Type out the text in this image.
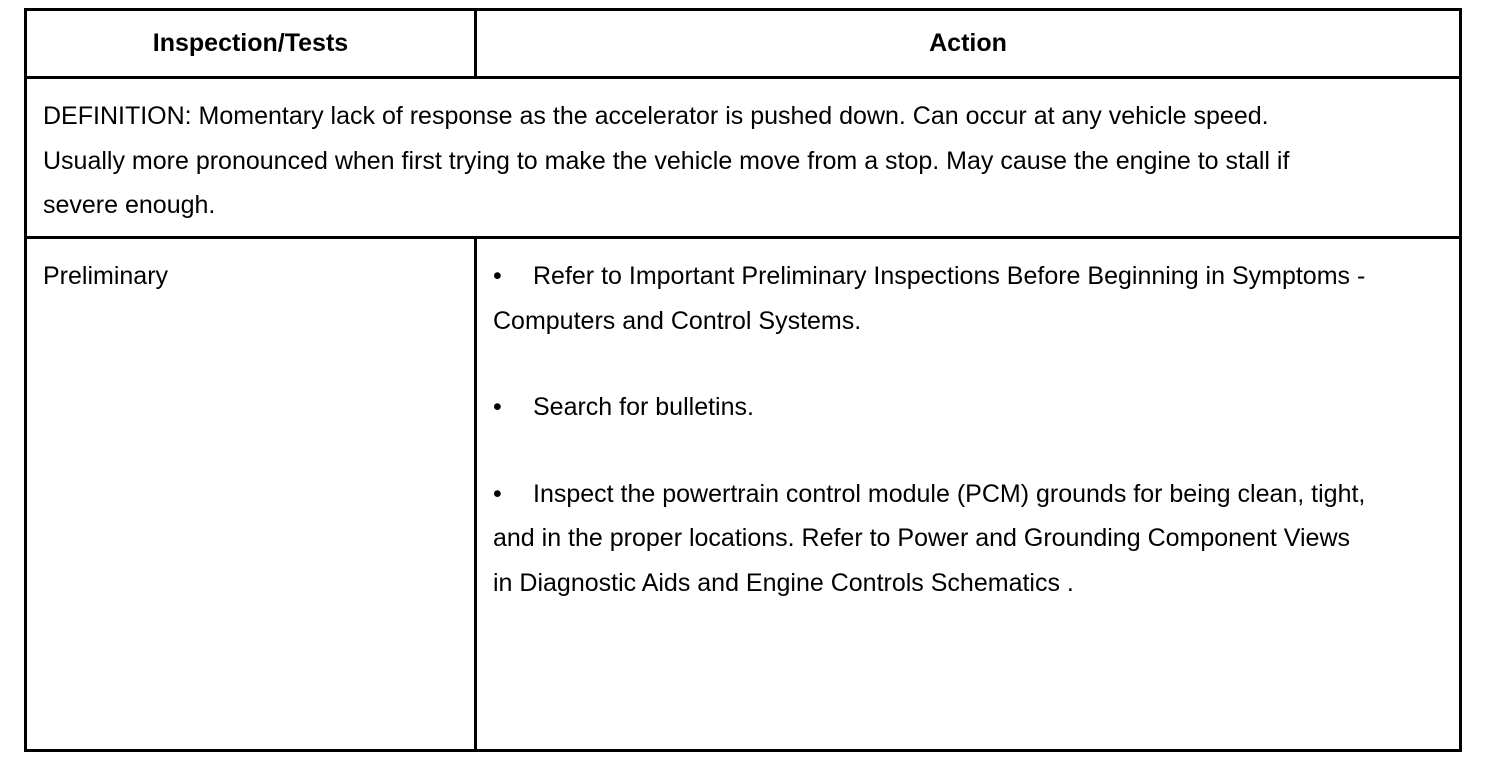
Inspection/Tests	Action

DEFINITION: Momentary lack of response as the accelerator is pushed down. Can occur at any vehicle speed. Usually more pronounced when first trying to make the vehicle move from a stop. May cause the engine to stall if severe enough.	

Preliminary	• Refer to Important Preliminary Inspections Before Beginning in Symptoms - Computers and Control Systems.
• Search for bulletins.
• Inspect the powertrain control module (PCM) grounds for being clean, tight, and in the proper locations. Refer to Power and Grounding Component Views in Diagnostic Aids and Engine Controls Schematics .
